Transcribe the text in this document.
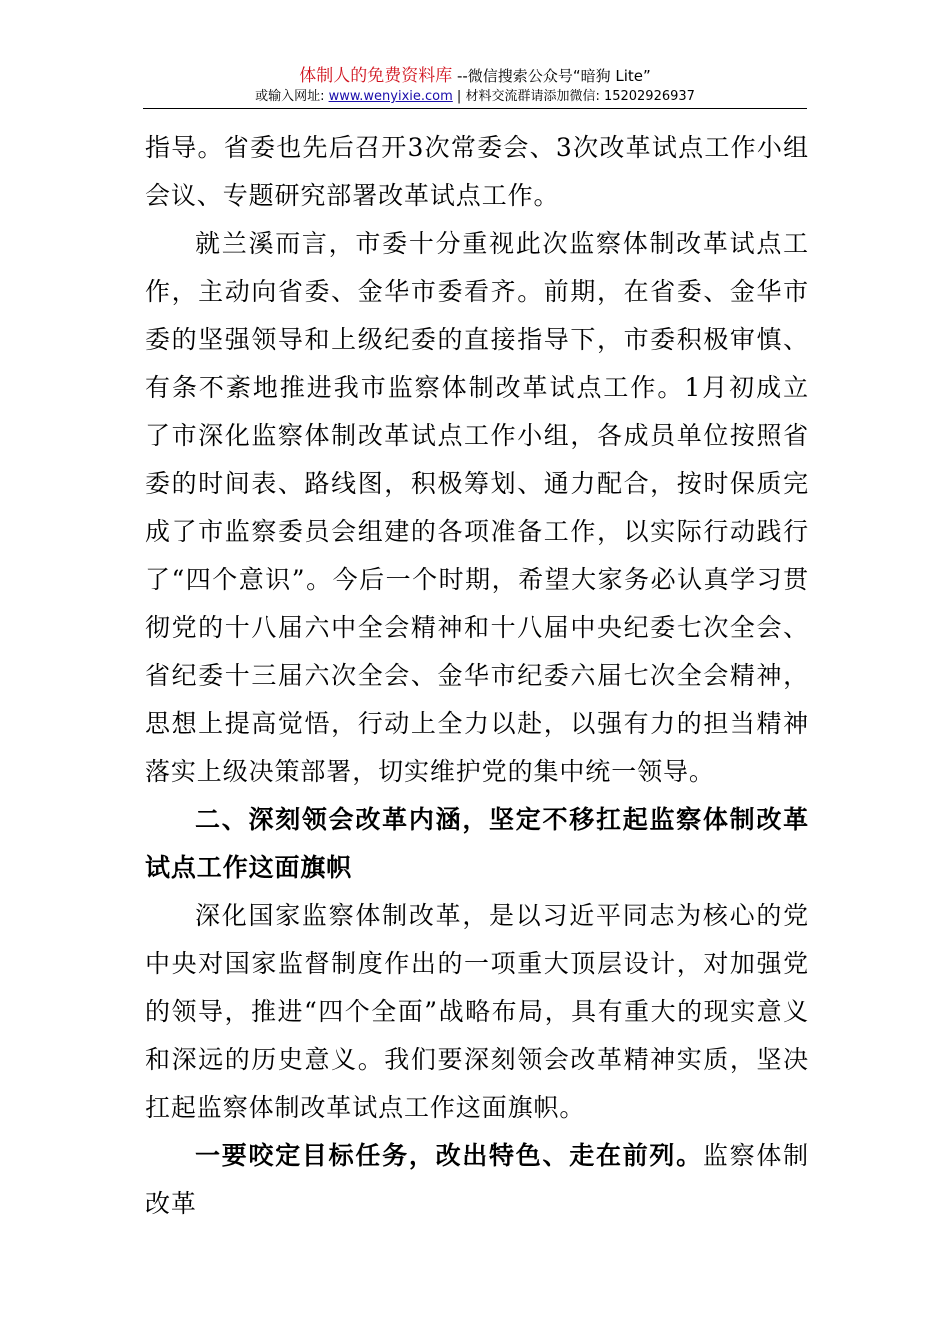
体制人的免费资料库 --微信搜索公众号“暗狗 Lite”
或输入网址: www.wenyixie.com | 材料交流群请添加微信: 15202926937

指导。省委也先后召开3次常委会、3次改革试点工作小组会议、专题研究部署改革试点工作。

就兰溪而言，市委十分重视此次监察体制改革试点工作，主动向省委、金华市委看齐。前期，在省委、金华市委的坚强领导和上级纪委的直接指导下，市委积极审慎、有条不紊地推进我市监察体制改革试点工作。1月初成立了市深化监察体制改革试点工作小组，各成员单位按照省委的时间表、路线图，积极筹划、通力配合，按时保质完成了市监察委员会组建的各项准备工作，以实际行动践行了“四个意识”。今后一个时期，希望大家务必认真学习贯彻党的十八届六中全会精神和十八届中央纪委七次全会、省纪委十三届六次全会、金华市纪委六届七次全会精神，思想上提高觉悟，行动上全力以赴，以强有力的担当精神落实上级决策部署，切实维护党的集中统一领导。

二、深刻领会改革内涵，坚定不移扛起监察体制改革试点工作这面旗帜

深化国家监察体制改革，是以习近平同志为核心的党中央对国家监督制度作出的一项重大顶层设计，对加强党的领导，推进“四个全面”战略布局，具有重大的现实意义和深远的历史意义。我们要深刻领会改革精神实质，坚决扛起监察体制改革试点工作这面旗帜。

一要咬定目标任务，改出特色、走在前列。监察体制改革
